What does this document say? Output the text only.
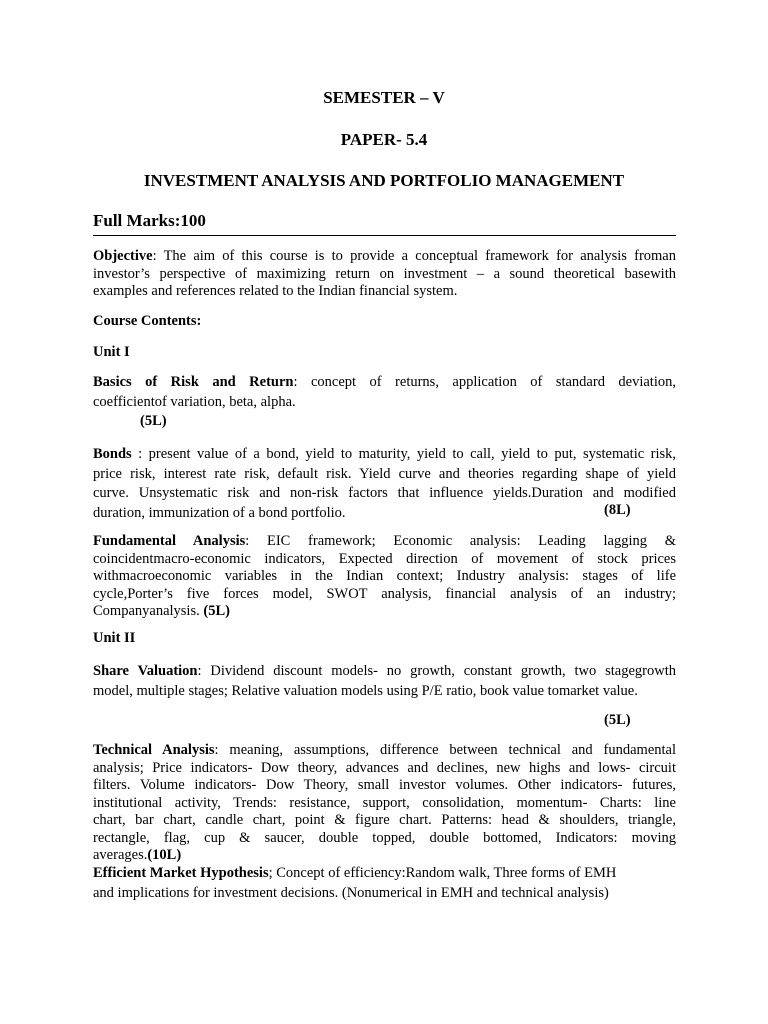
SEMESTER – V
PAPER- 5.4
INVESTMENT ANALYSIS AND PORTFOLIO MANAGEMENT
Full Marks:100
Objective: The aim of this course is to provide a conceptual framework for analysis froman
investor’s perspective of maximizing return on investment – a sound theoretical basewith
examples and references related to the Indian financial system.
Course Contents:
Unit I
Basics of Risk and Return: concept of returns, application of standard deviation,
coefficientof variation, beta, alpha.
(5L)
Bonds : present value of a bond, yield to maturity, yield to call, yield to put, systematic risk,
price risk, interest rate risk, default risk. Yield curve and theories regarding shape of yield
curve. Unsystematic risk and non-risk factors that influence yields.Duration and modified
duration, immunization of a bond portfolio.	(8L)
Fundamental Analysis: EIC framework; Economic analysis: Leading lagging &
coincidentmacro-economic indicators, Expected direction of movement of stock prices
withmacroeconomic variables in the Indian context; Industry analysis: stages of life
cycle,Porter’s five forces model, SWOT analysis, financial analysis of an industry;
Companyanalysis. (5L)
Unit II
Share Valuation: Dividend discount models- no growth, constant growth, two stagegrowth
model, multiple stages; Relative valuation models using P/E ratio, book value tomarket value.
(5L)
Technical Analysis: meaning, assumptions, difference between technical and fundamental
analysis; Price indicators- Dow theory, advances and declines, new highs and lows- circuit
filters. Volume indicators- Dow Theory, small investor volumes. Other indicators- futures,
institutional activity, Trends: resistance, support, consolidation, momentum- Charts: line
chart, bar chart, candle chart, point & figure chart. Patterns: head & shoulders, triangle,
rectangle, flag, cup & saucer, double topped, double bottomed, Indicators: moving
averages.(10L)
Efficient Market Hypothesis; Concept of efficiency:Random walk, Three forms of EMH
and implications for investment decisions. (Nonumerical in EMH and technical analysis)
